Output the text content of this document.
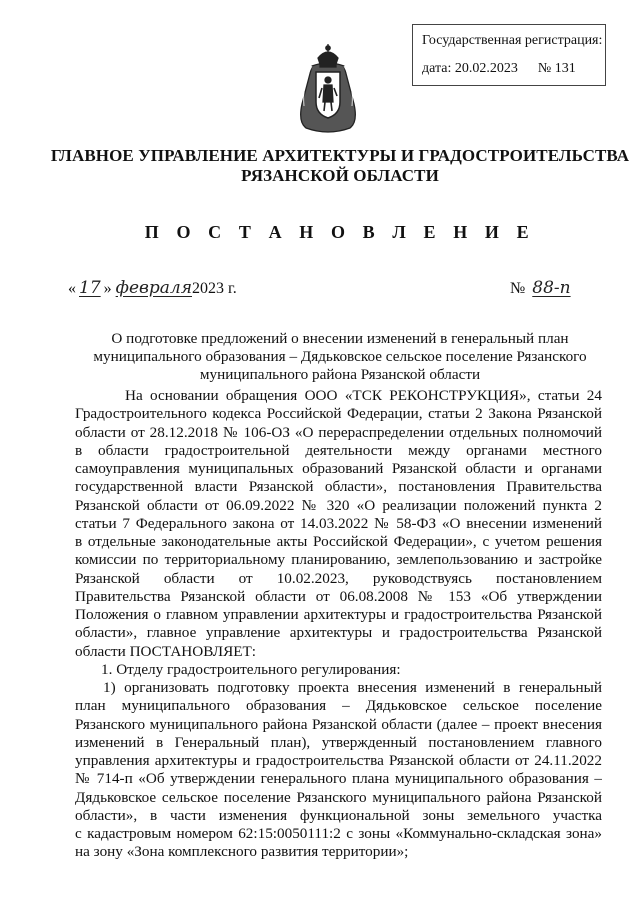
Государственная регистрация:
дата: 20.02.2023 № 131
ГЛАВНОЕ УПРАВЛЕНИЕ АРХИТЕКТУРЫ И ГРАДОСТРОИТЕЛЬСТВА
РЯЗАНСКОЙ ОБЛАСТИ
П О С Т А Н О В Л Е Н И Е
« 17 » февраля2023 г.	№ 88-п
О подготовке предложений о внесении изменений в генеральный план
муниципального образования – Дядьковское сельское поселение Рязанского
муниципального района Рязанской области
На основании обращения ООО «ТСК РЕКОНСТРУКЦИЯ», статьи 24
Градостроительного кодекса Российской Федерации, статьи 2 Закона Рязанской
области от 28.12.2018 № 106-ОЗ «О перераспределении отдельных полномочий
в области градостроительной деятельности между органами местного
самоуправления муниципальных образований Рязанской области и органами
государственной власти Рязанской области», постановления Правительства
Рязанской области от 06.09.2022 № 320 «О реализации положений пункта 2
статьи 7 Федерального закона от 14.03.2022 № 58-ФЗ «О внесении изменений
в отдельные законодательные акты Российской Федерации», с учетом решения
комиссии по территориальному планированию, землепользованию и застройке
Рязанской области от 10.02.2023, руководствуясь постановлением
Правительства Рязанской области от 06.08.2008 № 153 «Об утверждении
Положения о главном управлении архитектуры и градостроительства Рязанской
области», главное управление архитектуры и градостроительства Рязанской
области ПОСТАНОВЛЯЕТ:
1. Отделу градостроительного регулирования:
1) организовать подготовку проекта внесения изменений в генеральный
план муниципального образования – Дядьковское сельское поселение
Рязанского муниципального района Рязанской области (далее – проект внесения
изменений в Генеральный план), утвержденный постановлением главного
управления архитектуры и градостроительства Рязанской области от 24.11.2022
№ 714-п «Об утверждении генерального плана муниципального образования –
Дядьковское сельское поселение Рязанского муниципального района Рязанской
области», в части изменения функциональной зоны земельного участка
с кадастровым номером 62:15:0050111:2 с зоны «Коммунально-складская зона»
на зону «Зона комплексного развития территории»;
